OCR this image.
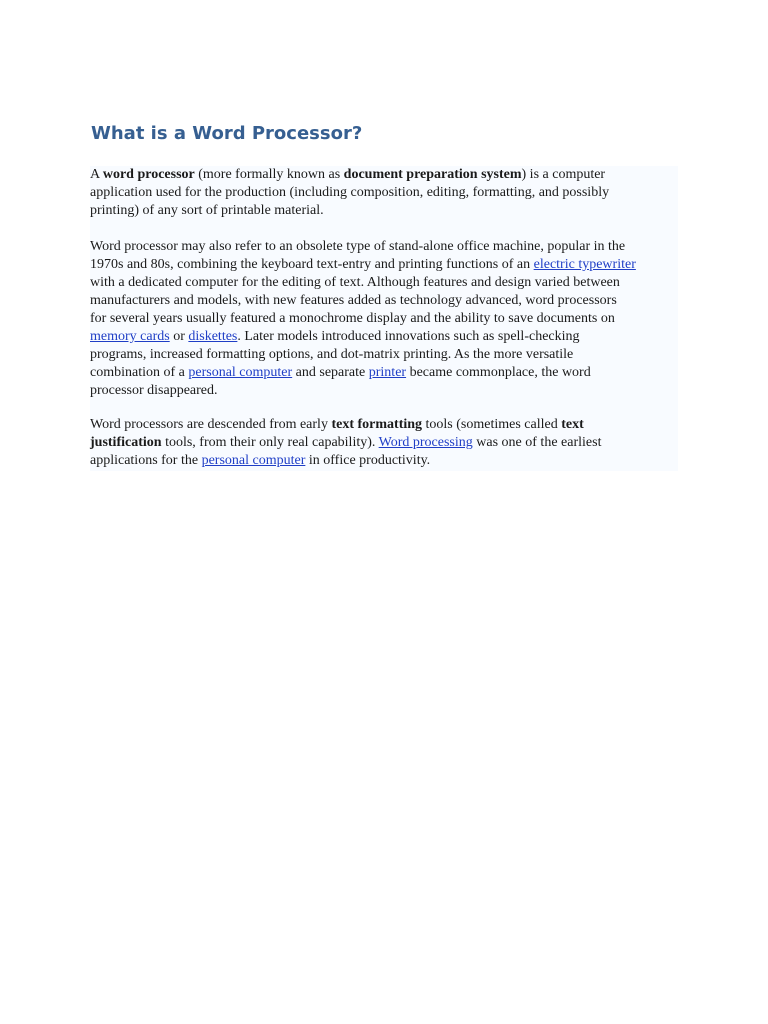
What is a Word Processor?

A word processor (more formally known as document preparation system) is a computer
application used for the production (including composition, editing, formatting, and possibly
printing) of any sort of printable material.

Word processor may also refer to an obsolete type of stand-alone office machine, popular in the
1970s and 80s, combining the keyboard text-entry and printing functions of an electric typewriter
with a dedicated computer for the editing of text. Although features and design varied between
manufacturers and models, with new features added as technology advanced, word processors
for several years usually featured a monochrome display and the ability to save documents on
memory cards or diskettes. Later models introduced innovations such as spell-checking
programs, increased formatting options, and dot-matrix printing. As the more versatile
combination of a personal computer and separate printer became commonplace, the word
processor disappeared.

Word processors are descended from early text formatting tools (sometimes called text
justification tools, from their only real capability). Word processing was one of the earliest
applications for the personal computer in office productivity.
